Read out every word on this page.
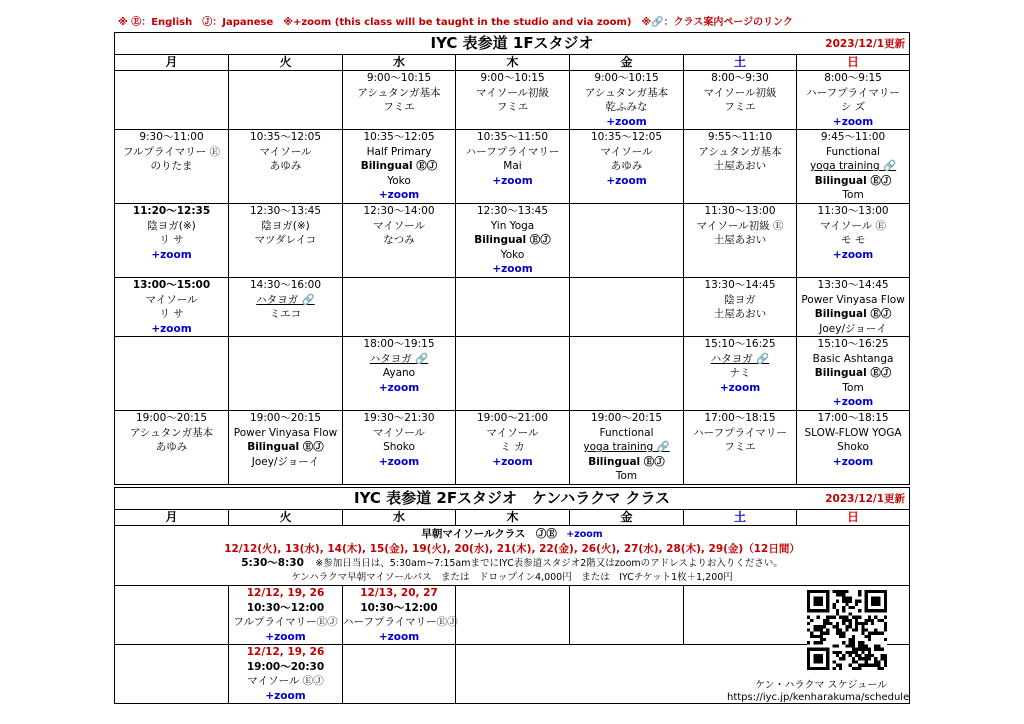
※ Ⓔ：English　Ⓙ：Japanese　※+zoom (this class will be taught in the studio and via zoom)　※🔗：クラス案内ページのリンク
IYC 表参道 1Fスタジオ 2023/12/1更新						

月	火	水	木	金	土	日

		9:00～10:15
アシュタンガ基本
フミエ	9:00～10:15
マイソール初級
フミエ	9:00～10:15
アシュタンガ基本
乾ふみな
+zoom	8:00～9:30
マイソール初級
フミエ	8:00～9:15
ハーフプライマリー
シ ズ
+zoom

9:30～11:00
フルプライマリー Ⓔ
のりたま	10:35～12:05
マイソール
あゆみ	10:35～12:05
Half Primary
Bilingual ⒺⒿ
Yoko
+zoom	10:35～11:50
ハーフプライマリー
Mai
+zoom	10:35～12:05
マイソール
あゆみ
+zoom	9:55～11:10
アシュタンガ基本
土屋あおい	9:45～11:00
Functional　　
yoga training 🔗
Bilingual ⒺⒿ
Tom

11:20～12:35
陰ヨガ(※)
リ サ
+zoom	12:30～13:45
陰ヨガ(※)
マツダレイコ	12:30～14:00
マイソール
なつみ	12:30～13:45
Yin Yoga
Bilingual ⒺⒿ
Yoko
+zoom		11:30～13:00
マイソール初級 Ⓔ
土屋あおい	11:30～13:00
マイソール Ⓔ
モ モ
+zoom

13:00～15:00
マイソール
リ サ
+zoom	14:30～16:00
ハタヨガ 🔗
ミエコ				13:30～14:45
陰ヨガ
土屋あおい	13:30～14:45
Power Vinyasa Flow
Bilingual ⒺⒿ
Joey/ジョーイ

		18:00～19:15
ハタヨガ 🔗
Ayano
+zoom			15:10～16:25
ハタヨガ 🔗
ナミ
+zoom	15:10～16:25
Basic Ashtanga
Bilingual ⒺⒿ
Tom
+zoom

19:00～20:15
アシュタンガ基本
あゆみ	19:00～20:15
Power Vinyasa Flow
Bilingual ⒺⒿ
Joey/ジョーイ	19:30～21:30
マイソール
Shoko
+zoom	19:00～21:00
マイソール
ミ カ
+zoom	19:00～20:15
Functional　　
yoga training 🔗
Bilingual ⒺⒿ
Tom	17:00～18:15
ハーフプライマリー
フミエ	17:00～18:15
SLOW-FLOW YOGA
Shoko
+zoom
IYC 表参道 2Fスタジオ　ケンハラクマ クラス 2023/12/1更新						

月	火	水	木	金	土	日

早朝マイソールクラス　ⒿⒺ +zoom
12/12(火), 13(水), 14(木), 15(金), 19(火), 20(水), 21(木), 22(金), 26(火), 27(水), 28(木), 29(金)（12日間）
5:30～8:30 ※参加日当日は、5:30am~7:15amまでにIYC表参道スタジオ2階又はzoomのアドレスよりお入りください。
ケンハラクマ早朝マイソールパス　または　ドロップイン4,000円　または　IYCチケット1枚＋1,200円						

	12/12, 19, 26
10:30～12:00
フルプライマリーⒺⒿ
+zoom	12/13, 20, 27
10:30～12:00
ハーフプライマリーⒺⒿ
+zoom				

	12/12, 19, 26
19:00～20:30
マイソール ⒺⒿ
+zoom					

ケン・ハラクマ スケジュール
https://iyc.jp/kenharakuma/schedule
